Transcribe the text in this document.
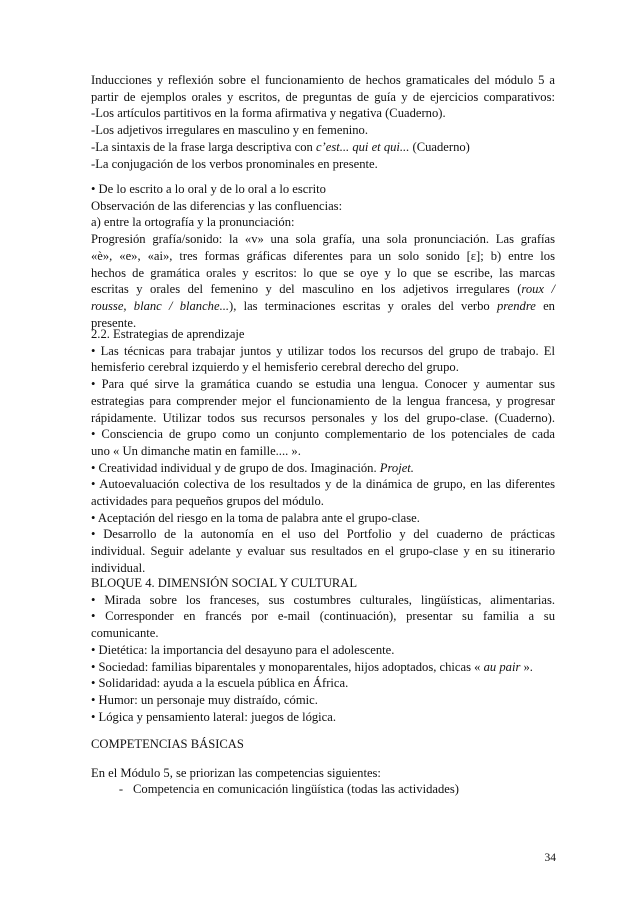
Inducciones y reflexión sobre el funcionamiento de hechos gramaticales del módulo 5 a
partir de ejemplos orales y escritos, de preguntas de guía y de ejercicios comparativos:
-Los artículos partitivos en la forma afirmativa y negativa (Cuaderno).
-Los adjetivos irregulares en masculino y en femenino.
-La sintaxis de la frase larga descriptiva con c’est... qui et qui... (Cuaderno)
-La conjugación de los verbos pronominales en presente.
• De lo escrito a lo oral y de lo oral a lo escrito
Observación de las diferencias y las confluencias:
a) entre la ortografía y la pronunciación:
Progresión grafía/sonido: la «v» una sola grafía, una sola pronunciación. Las grafías
«è», «e», «ai», tres formas gráficas diferentes para un solo sonido [ɛ]; b) entre los
hechos de gramática orales y escritos: lo que se oye y lo que se escribe, las marcas
escritas y orales del femenino y del masculino en los adjetivos irregulares (roux /
rousse, blanc / blanche...), las terminaciones escritas y orales del verbo prendre en
presente.
2.2. Estrategias de aprendizaje
• Las técnicas para trabajar juntos y utilizar todos los recursos del grupo de trabajo. El
hemisferio cerebral izquierdo y el hemisferio cerebral derecho del grupo.
• Para qué sirve la gramática cuando se estudia una lengua. Conocer y aumentar sus
estrategias para comprender mejor el funcionamiento de la lengua francesa, y progresar
rápidamente. Utilizar todos sus recursos personales y los del grupo-clase. (Cuaderno).
• Consciencia de grupo como un conjunto complementario de los potenciales de cada
uno « Un dimanche matin en famille.... ».
• Creatividad individual y de grupo de dos. Imaginación. Projet.
• Autoevaluación colectiva de los resultados y de la dinámica de grupo, en las diferentes
actividades para pequeños grupos del módulo.
• Aceptación del riesgo en la toma de palabra ante el grupo-clase.
• Desarrollo de la autonomía en el uso del Portfolio y del cuaderno de prácticas
individual. Seguir adelante y evaluar sus resultados en el grupo-clase y en su itinerario
individual.
BLOQUE 4. DIMENSIÓN SOCIAL Y CULTURAL
• Mirada sobre los franceses, sus costumbres culturales, lingüísticas, alimentarias.
• Corresponder en francés por e-mail (continuación), presentar su familia a su
comunicante.
• Dietética: la importancia del desayuno para el adolescente.
• Sociedad: familias biparentales y monoparentales, hijos adoptados, chicas « au pair ».
• Solidaridad: ayuda a la escuela pública en África.
• Humor: un personaje muy distraído, cómic.
• Lógica y pensamiento lateral: juegos de lógica.
COMPETENCIAS BÁSICAS
En el Módulo 5, se priorizan las competencias siguientes:
- Competencia en comunicación lingüística (todas las actividades)
34
